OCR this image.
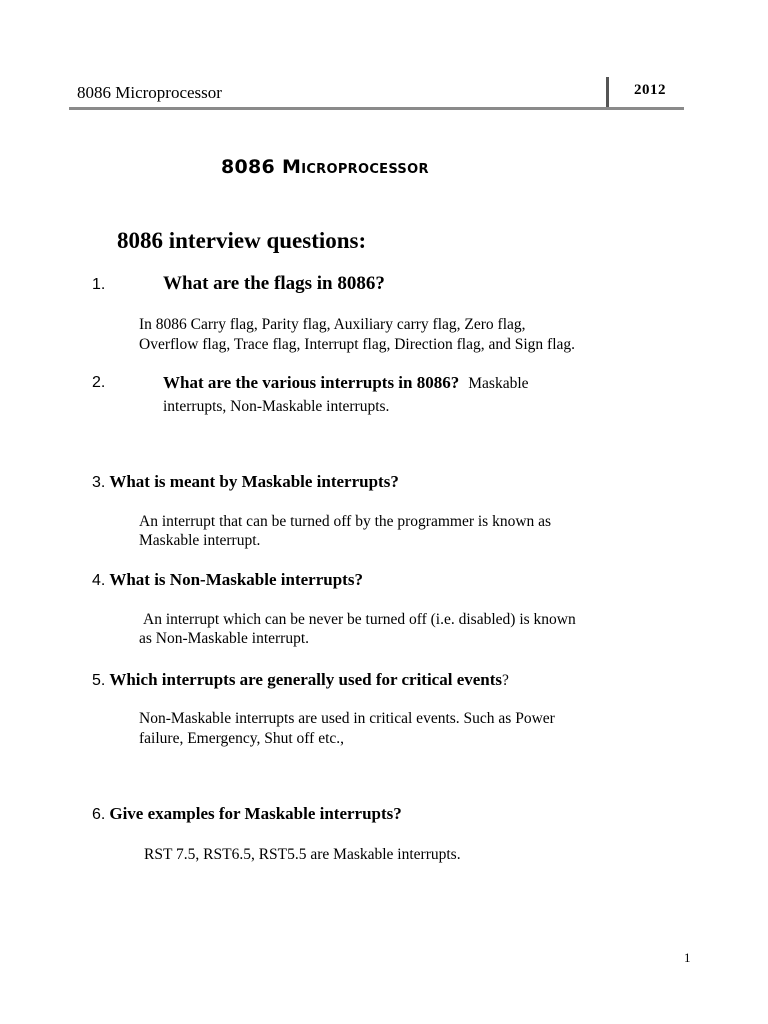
8086 Microprocessor	2012
8086 Microprocessor
8086 interview questions:
1.	What are the flags in 8086?
In 8086 Carry flag, Parity flag, Auxiliary carry flag, Zero flag,
Overflow flag, Trace flag, Interrupt flag, Direction flag, and Sign flag.
2.	What are the various interrupts in 8086? Maskable
interrupts, Non-Maskable interrupts.
3. What is meant by Maskable interrupts?
An interrupt that can be turned off by the programmer is known as
Maskable interrupt.
4. What is Non-Maskable interrupts?
An interrupt which can be never be turned off (i.e. disabled) is known
as Non-Maskable interrupt.
5. Which interrupts are generally used for critical events?
Non-Maskable interrupts are used in critical events. Such as Power
failure, Emergency, Shut off etc.,
6. Give examples for Maskable interrupts?
RST 7.5, RST6.5, RST5.5 are Maskable interrupts.
1
